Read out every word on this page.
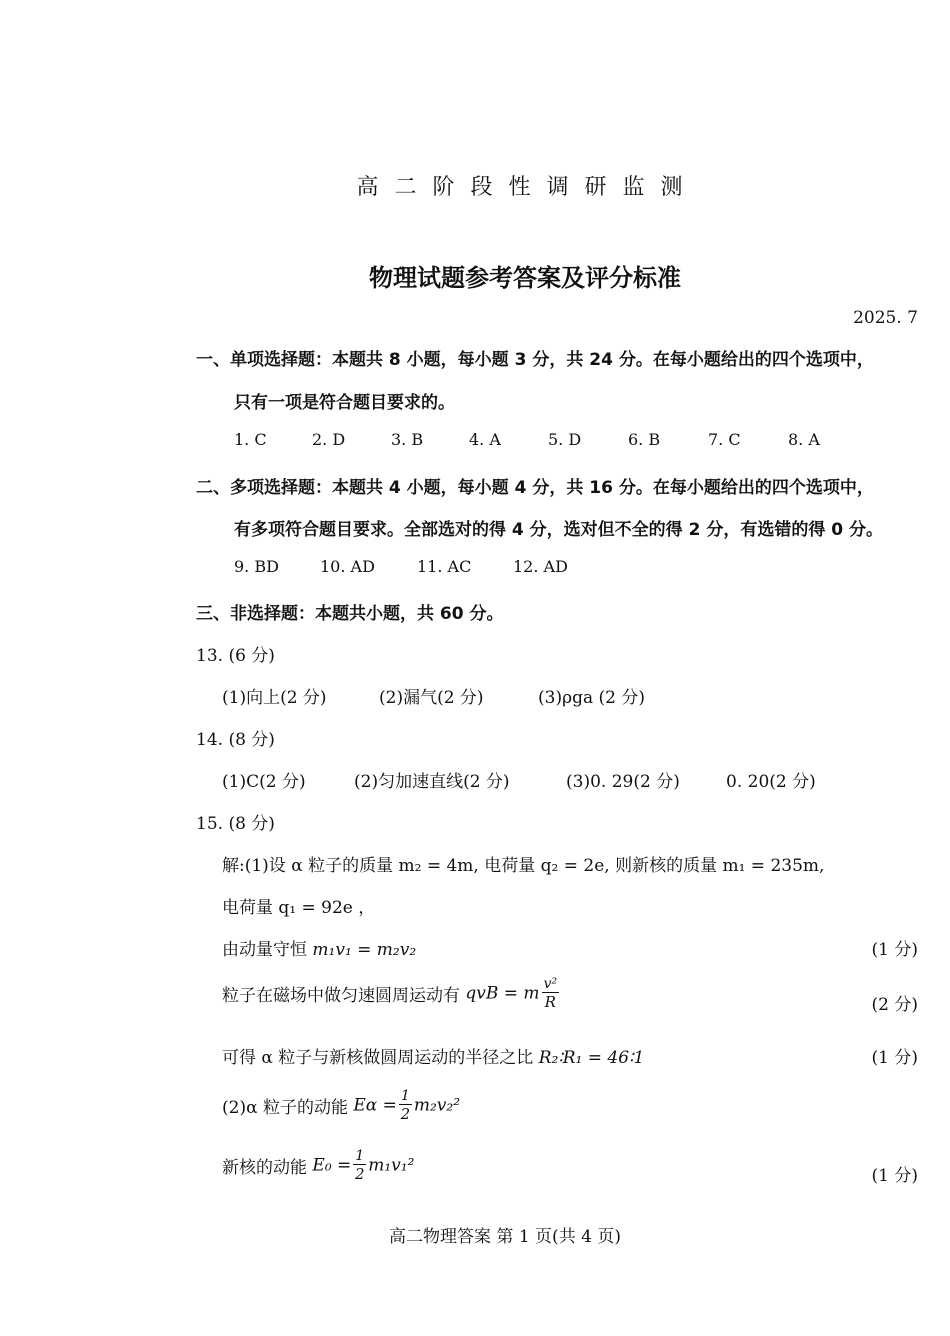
高二阶段性调研监测
物理试题参考答案及评分标准
2025. 7
一、单项选择题：本题共 8 小题，每小题 3 分，共 24 分。在每小题给出的四个选项中，
只有一项是符合题目要求的。
1. C	2. D	3. B	4. A	5. D	6. B	7. C	8. A
二、多项选择题：本题共 4 小题，每小题 4 分，共 16 分。在每小题给出的四个选项中，
有多项符合题目要求。全部选对的得 4 分，选对但不全的得 2 分，有选错的得 0 分。
9. BD	10. AD	11. AC	12. AD
三、非选择题：本题共小题，共 60 分。
13. (6 分)
(1)向上(2 分)	(2)漏气(2 分)	(3)ρga (2 分)
14. (8 分)
(1)C(2 分)	(2)匀加速直线(2 分)	(3)0. 29(2 分)	0. 20(2 分)
15. (8 分)
解:(1)设 α 粒子的质量 m₂ = 4m, 电荷量 q₂ = 2e, 则新核的质量 m₁ = 235m,
电荷量 q₁ = 92e ，
由动量守恒 m₁v₁ = m₂v₂	(1 分)
粒子在磁场中做匀速圆周运动有 qvB = m $\frac{\text{v²}}{R}$	(2 分)
可得 α 粒子与新核做圆周运动的半径之比 R₂∶R₁ = 46∶1	(1 分)
(2)α 粒子的动能 $E\alpha = \frac{1}{2} m_2v_2^2$
新核的动能 $E_0 = \frac{1}{2} m_1v_1^2$
(1 分)
高二物理答案 第 1 页(共 4 页)
